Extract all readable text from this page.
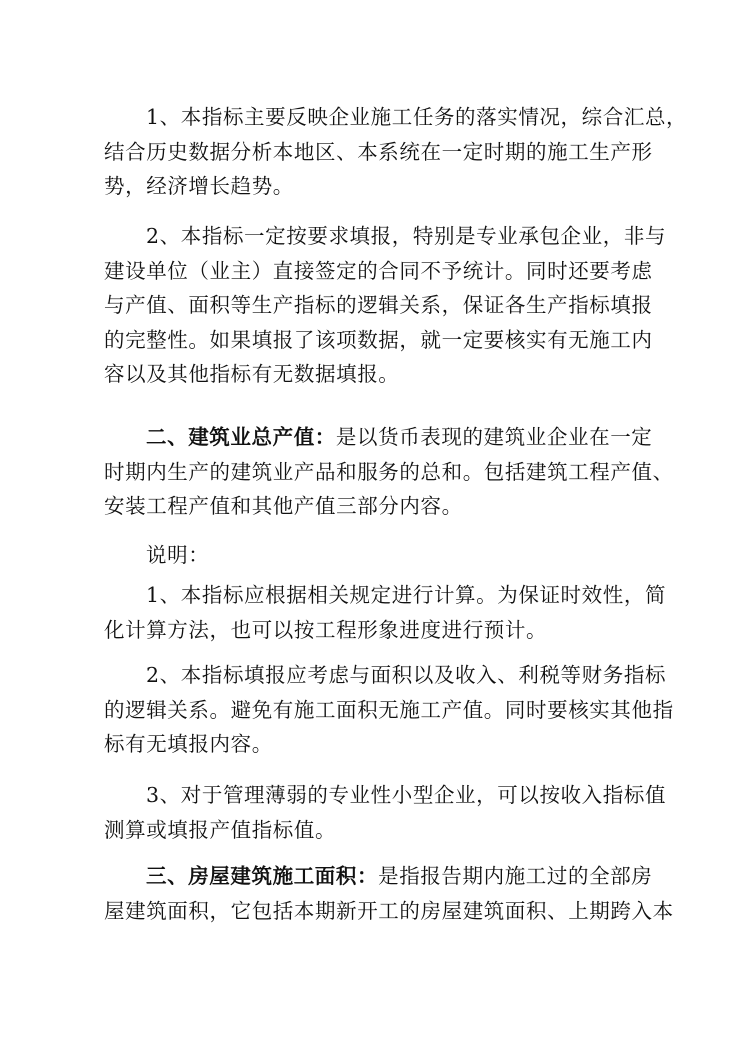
1、本指标主要反映企业施工任务的落实情况，综合汇总，
结合历史数据分析本地区、本系统在一定时期的施工生产形
势，经济增长趋势。

2、本指标一定按要求填报，特别是专业承包企业，非与
建设单位（业主）直接签定的合同不予统计。同时还要考虑
与产值、面积等生产指标的逻辑关系，保证各生产指标填报
的完整性。如果填报了该项数据，就一定要核实有无施工内
容以及其他指标有无数据填报。

二、建筑业总产值：是以货币表现的建筑业企业在一定
时期内生产的建筑业产品和服务的总和。包括建筑工程产值、
安装工程产值和其他产值三部分内容。

说明：

1、本指标应根据相关规定进行计算。为保证时效性，简
化计算方法，也可以按工程形象进度进行预计。

2、本指标填报应考虑与面积以及收入、利税等财务指标
的逻辑关系。避免有施工面积无施工产值。同时要核实其他指
标有无填报内容。

3、对于管理薄弱的专业性小型企业，可以按收入指标值
测算或填报产值指标值。

三、房屋建筑施工面积：是指报告期内施工过的全部房
屋建筑面积，它包括本期新开工的房屋建筑面积、上期跨入本
